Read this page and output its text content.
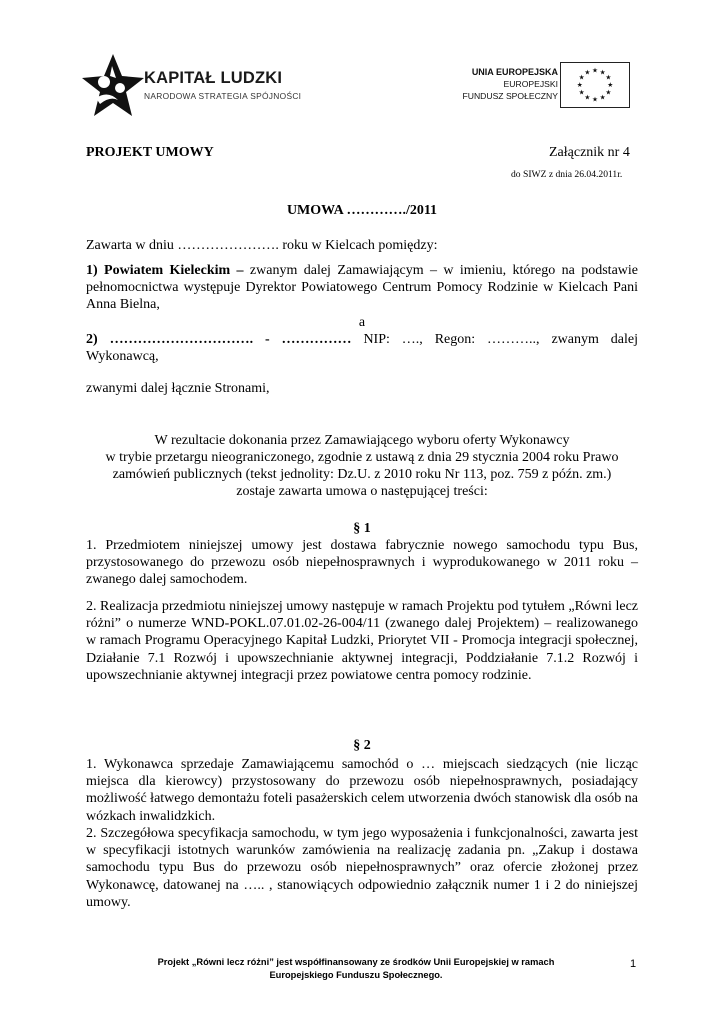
KAPITAŁ LUDZKI
NARODOWA STRATEGIA SPÓJNOŚCI
UNIA EUROPEJSKA
EUROPEJSKI
FUNDUSZ SPOŁECZNY
★ ★
★
★
★
★
★
★
★
★
★
★
PROJEKT UMOWY	Załącznik nr 4
do SIWZ z dnia 26.04.2011r.
UMOWA …………./2011
Zawarta w dniu …………………. roku w Kielcach pomiędzy:
1) Powiatem Kieleckim – zwanym dalej Zamawiającym – w imieniu, którego na podstawie pełnomocnictwa występuje Dyrektor Powiatowego Centrum Pomocy Rodzinie w Kielcach Pani Anna Bielna,
a
2) …………………………. - …………… NIP: …., Regon: ……….., zwanym dalej Wykonawcą,
zwanymi dalej łącznie Stronami,
W rezultacie dokonania przez Zamawiającego wyboru oferty Wykonawcy
w trybie przetargu nieograniczonego, zgodnie z ustawą z dnia 29 stycznia 2004 roku Prawo
zamówień publicznych (tekst jednolity: Dz.U. z 2010 roku Nr 113, poz. 759 z późn. zm.)
zostaje zawarta umowa o następującej treści:
§ 1
1. Przedmiotem niniejszej umowy jest dostawa fabrycznie nowego samochodu typu Bus, przystosowanego do przewozu osób niepełnosprawnych i wyprodukowanego w 2011 roku – zwanego dalej samochodem.
2. Realizacja przedmiotu niniejszej umowy następuje w ramach Projektu pod tytułem „Równi lecz różni” o numerze WND-POKL.07.01.02-26-004/11 (zwanego dalej Projektem) – realizowanego w ramach Programu Operacyjnego Kapitał Ludzki, Priorytet VII - Promocja integracji społecznej, Działanie 7.1 Rozwój i upowszechnianie aktywnej integracji, Poddziałanie 7.1.2 Rozwój i upowszechnianie aktywnej integracji przez powiatowe centra pomocy rodzinie.
§ 2
1. Wykonawca sprzedaje Zamawiającemu samochód o … miejscach siedzących (nie licząc miejsca dla kierowcy) przystosowany do przewozu osób niepełnosprawnych, posiadający możliwość łatwego demontażu foteli pasażerskich celem utworzenia dwóch stanowisk dla osób na wózkach inwalidzkich.
2. Szczegółowa specyfikacja samochodu, w tym jego wyposażenia i funkcjonalności, zawarta jest w specyfikacji istotnych warunków zamówienia na realizację zadania pn. „Zakup i dostawa samochodu typu Bus do przewozu osób niepełnosprawnych” oraz ofercie złożonej przez Wykonawcę, datowanej na ….. , stanowiących odpowiednio załącznik numer 1 i 2 do niniejszej umowy.
Projekt „Równi lecz różni” jest współfinansowany ze środków Unii Europejskiej w ramach
Europejskiego Funduszu Społecznego.
1
